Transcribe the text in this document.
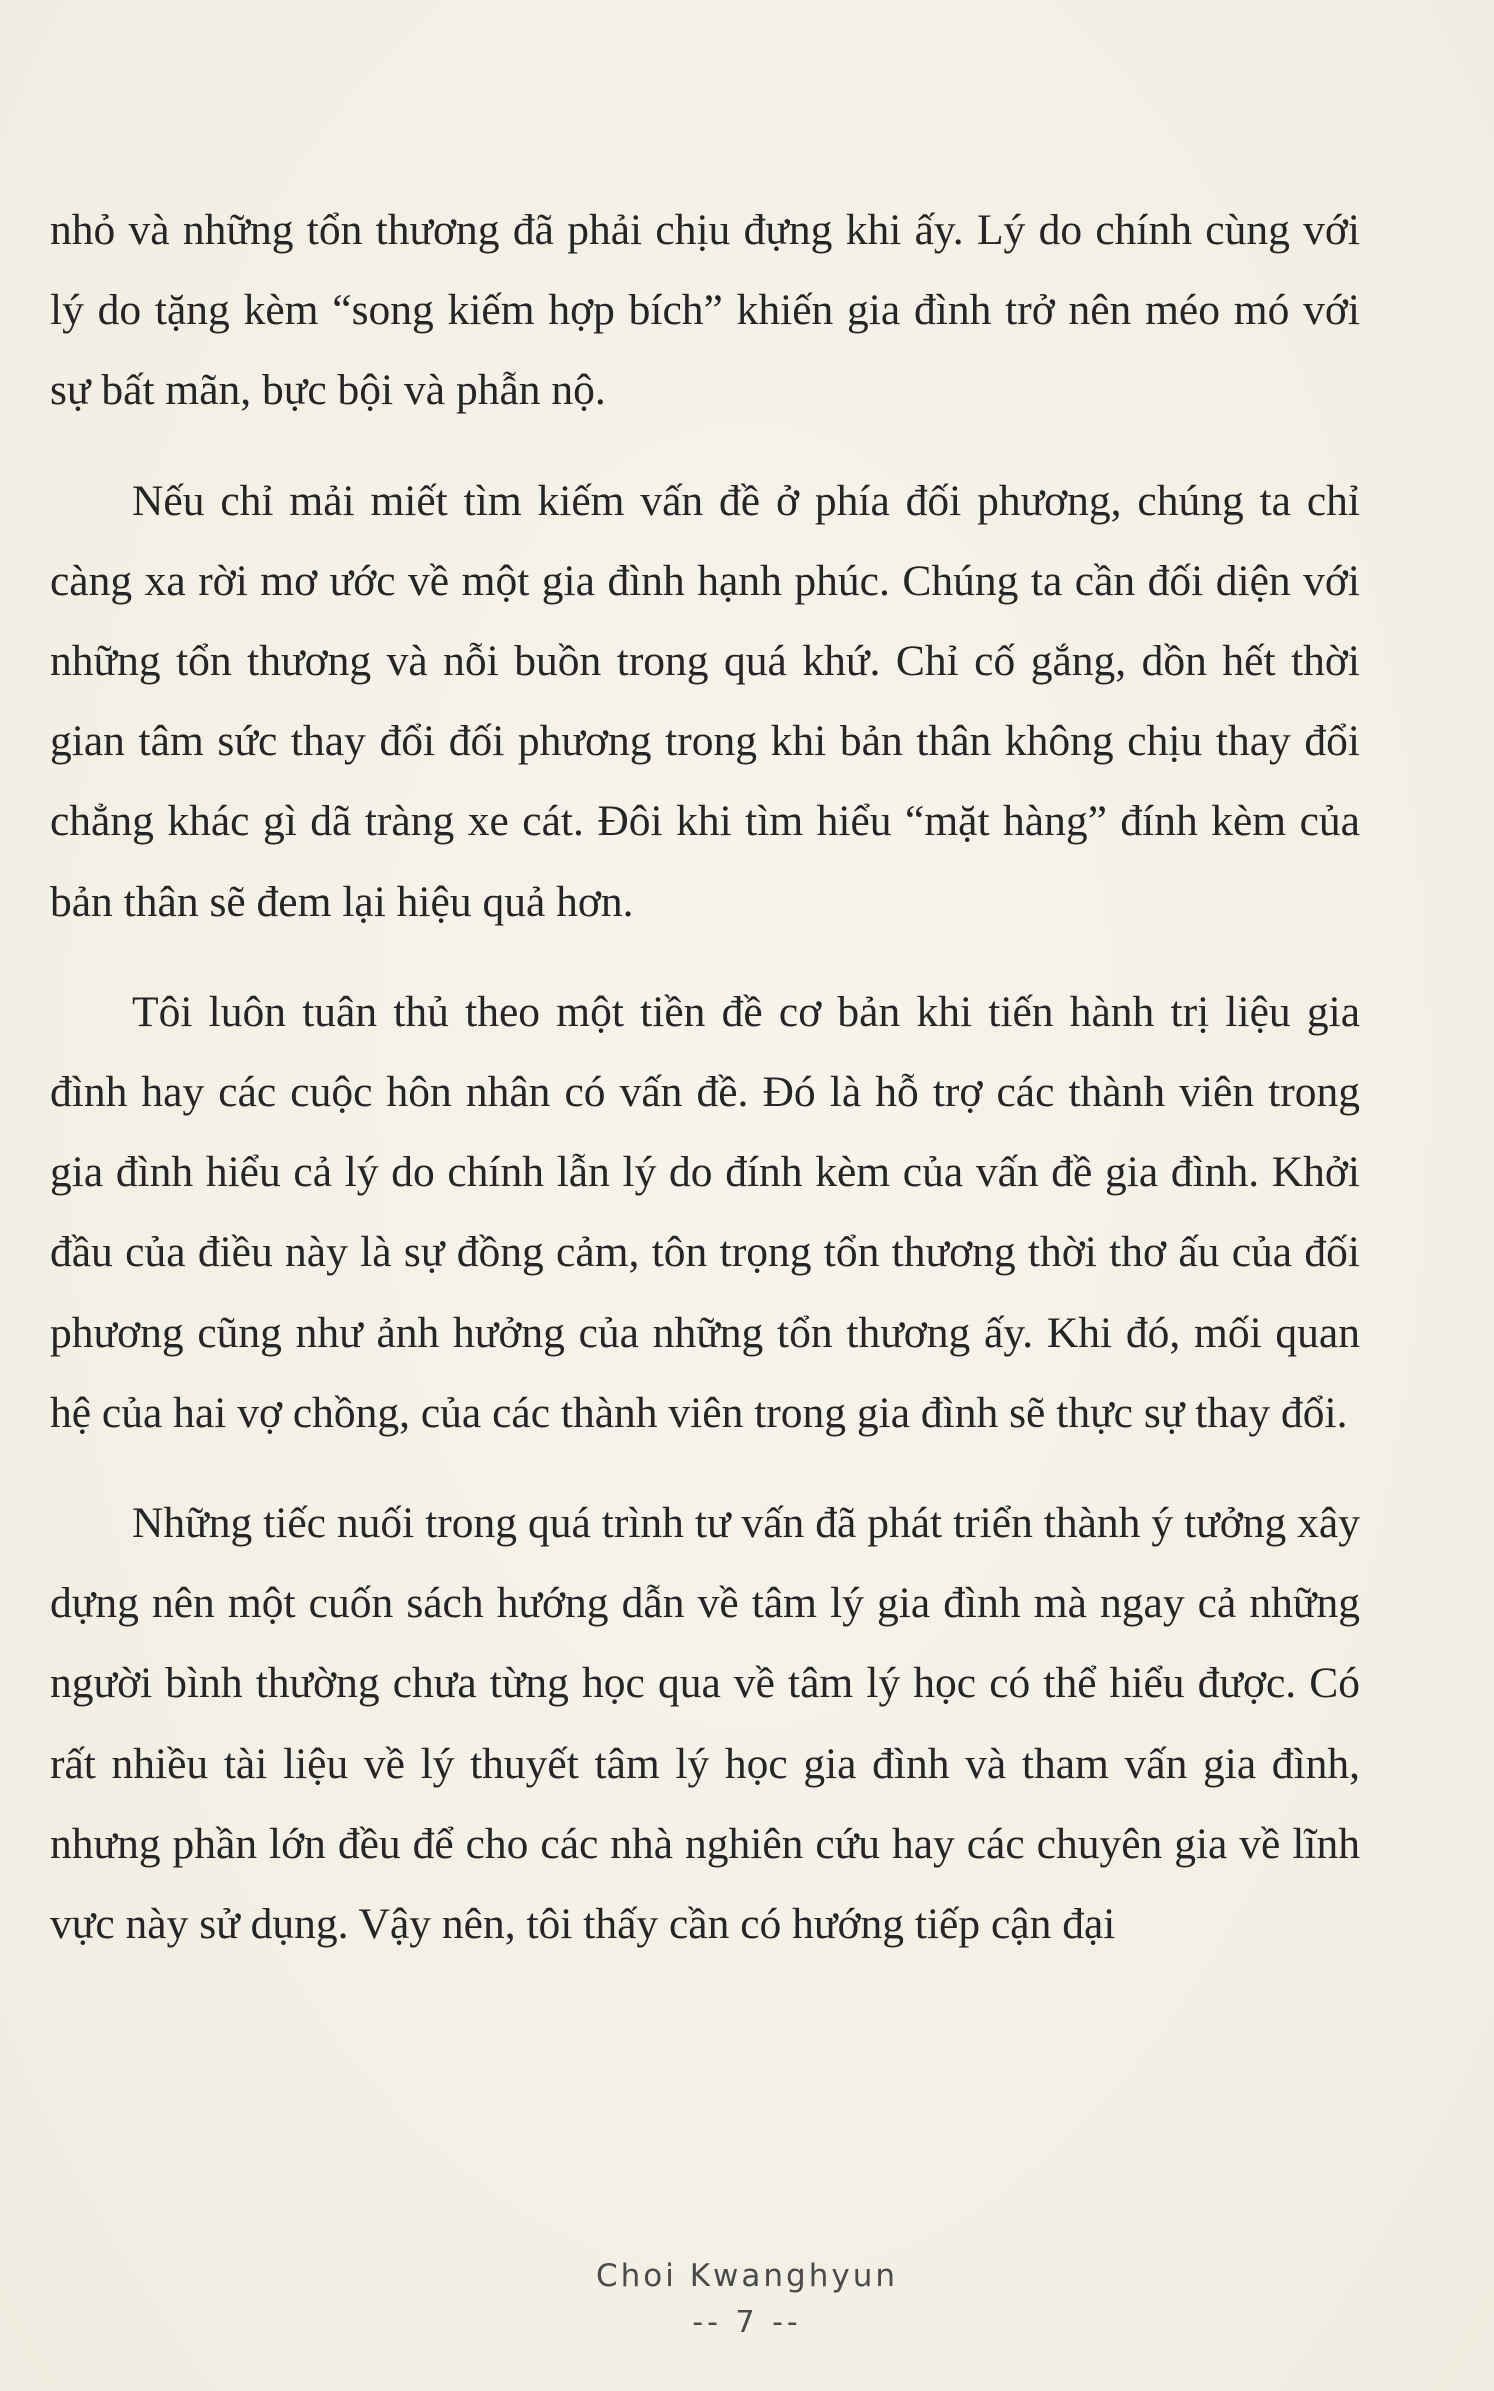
nhỏ và những tổn thương đã phải chịu đựng khi ấy. Lý do chính cùng với lý do tặng kèm “song kiếm hợp bích” khiến gia đình trở nên méo mó với sự bất mãn, bực bội và phẫn nộ.

Nếu chỉ mải miết tìm kiếm vấn đề ở phía đối phương, chúng ta chỉ càng xa rời mơ ước về một gia đình hạnh phúc. Chúng ta cần đối diện với những tổn thương và nỗi buồn trong quá khứ. Chỉ cố gắng, dồn hết thời gian tâm sức thay đổi đối phương trong khi bản thân không chịu thay đổi chẳng khác gì dã tràng xe cát. Đôi khi tìm hiểu “mặt hàng” đính kèm của bản thân sẽ đem lại hiệu quả hơn.

Tôi luôn tuân thủ theo một tiền đề cơ bản khi tiến hành trị liệu gia đình hay các cuộc hôn nhân có vấn đề. Đó là hỗ trợ các thành viên trong gia đình hiểu cả lý do chính lẫn lý do đính kèm của vấn đề gia đình. Khởi đầu của điều này là sự đồng cảm, tôn trọng tổn thương thời thơ ấu của đối phương cũng như ảnh hưởng của những tổn thương ấy. Khi đó, mối quan hệ của hai vợ chồng, của các thành viên trong gia đình sẽ thực sự thay đổi.

Những tiếc nuối trong quá trình tư vấn đã phát triển thành ý tưởng xây dựng nên một cuốn sách hướng dẫn về tâm lý gia đình mà ngay cả những người bình thường chưa từng học qua về tâm lý học có thể hiểu được. Có rất nhiều tài liệu về lý thuyết tâm lý học gia đình và tham vấn gia đình, nhưng phần lớn đều để cho các nhà nghiên cứu hay các chuyên gia về lĩnh vực này sử dụng. Vậy nên, tôi thấy cần có hướng tiếp cận đại

Choi Kwanghyun
-- 7 --
